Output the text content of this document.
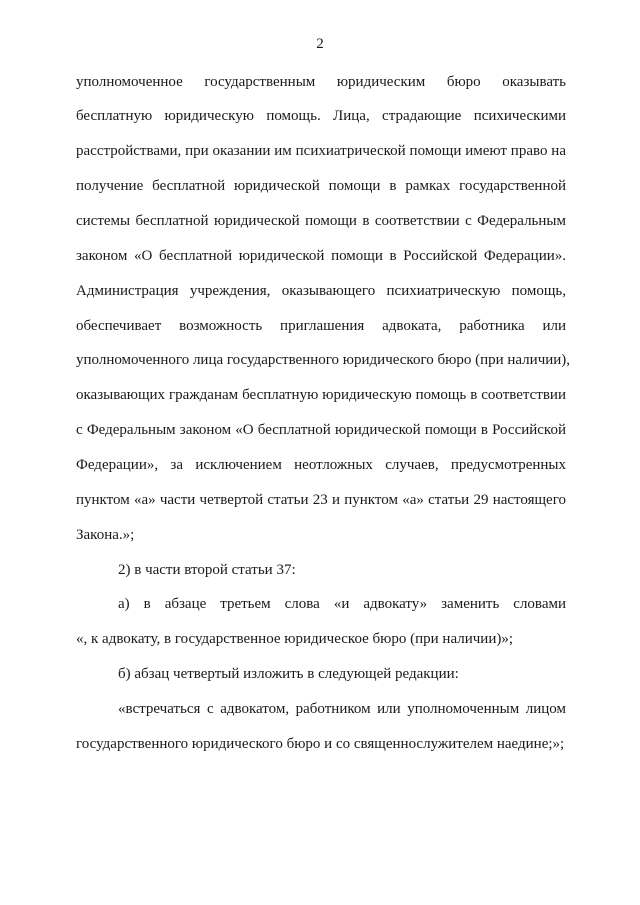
2
уполномоченное государственным юридическим бюро оказывать
бесплатную юридическую помощь. Лица, страдающие психическими
расстройствами, при оказании им психиатрической помощи имеют право на
получение бесплатной юридической помощи в рамках государственной
системы бесплатной юридической помощи в соответствии с Федеральным
законом «О бесплатной юридической помощи в Российской Федерации».
Администрация учреждения, оказывающего психиатрическую помощь,
обеспечивает возможность приглашения адвоката, работника или
уполномоченного лица государственного юридического бюро (при наличии),
оказывающих гражданам бесплатную юридическую помощь в соответствии
с Федеральным законом «О бесплатной юридической помощи в Российской
Федерации», за исключением неотложных случаев, предусмотренных
пунктом «а» части четвертой статьи 23 и пунктом «а» статьи 29 настоящего
Закона.»;
2) в части второй статьи 37:
а) в абзаце третьем слова «и адвокату» заменить словами
«, к адвокату, в государственное юридическое бюро (при наличии)»;
б) абзац четвертый изложить в следующей редакции:
«встречаться с адвокатом, работником или уполномоченным лицом
государственного юридического бюро и со священнослужителем наедине;»;
